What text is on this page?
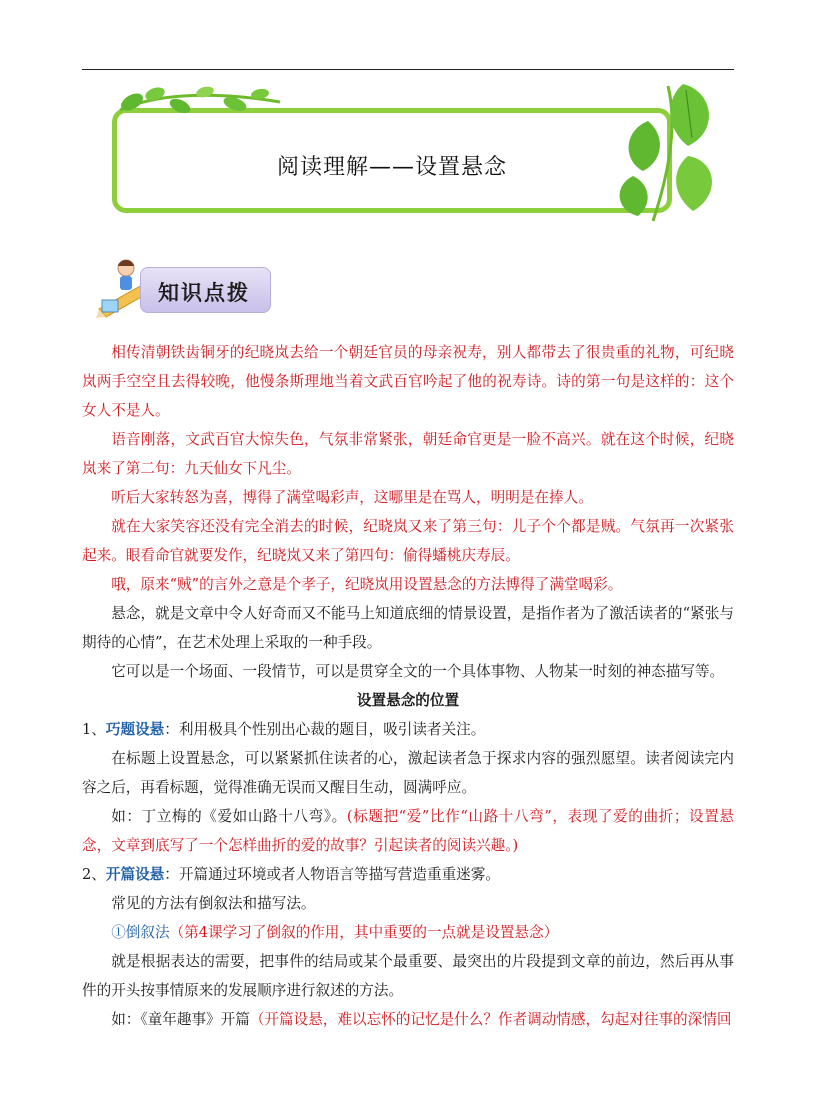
阅读理解——设置悬念
知识点拨

相传清朝铁齿铜牙的纪晓岚去给一个朝廷官员的母亲祝寿，别人都带去了很贵重的礼物，可纪晓岚两手空空且去得较晚，他慢条斯理地当着文武百官吟起了他的祝寿诗。诗的第一句是这样的：这个女人不是人。

语音刚落，文武百官大惊失色，气氛非常紧张，朝廷命官更是一脸不高兴。就在这个时候，纪晓岚来了第二句：九天仙女下凡尘。

听后大家转怒为喜，博得了满堂喝彩声，这哪里是在骂人，明明是在捧人。

就在大家笑容还没有完全消去的时候，纪晓岚又来了第三句：儿子个个都是贼。气氛再一次紧张起来。眼看命官就要发作，纪晓岚又来了第四句：偷得蟠桃庆寿辰。

哦，原来“贼”的言外之意是个孝子，纪晓岚用设置悬念的方法博得了满堂喝彩。

悬念，就是文章中令人好奇而又不能马上知道底细的情景设置，是指作者为了激活读者的“紧张与期待的心情”，在艺术处理上采取的一种手段。

它可以是一个场面、一段情节，可以是贯穿全文的一个具体事物、人物某一时刻的神态描写等。

设置悬念的位置

1、巧题设悬：利用极具个性别出心裁的题目，吸引读者关注。

在标题上设置悬念，可以紧紧抓住读者的心，激起读者急于探求内容的强烈愿望。读者阅读完内容之后，再看标题，觉得准确无误而又醒目生动，圆满呼应。

如：丁立梅的《爱如山路十八弯》。(标题把“爱”比作“山路十八弯”，表现了爱的曲折；设置悬念，文章到底写了一个怎样曲折的爱的故事？引起读者的阅读兴趣。)

2、开篇设悬：开篇通过环境或者人物语言等描写营造重重迷雾。

常见的方法有倒叙法和描写法。

①倒叙法（第4课学习了倒叙的作用，其中重要的一点就是设置悬念）

就是根据表达的需要，把事件的结局或某个最重要、最突出的片段提到文章的前边，然后再从事件的开头按事情原来的发展顺序进行叙述的方法。

如：《童年趣事》开篇（开篇设悬，难以忘怀的记忆是什么？作者调动情感，勾起对往事的深情回
